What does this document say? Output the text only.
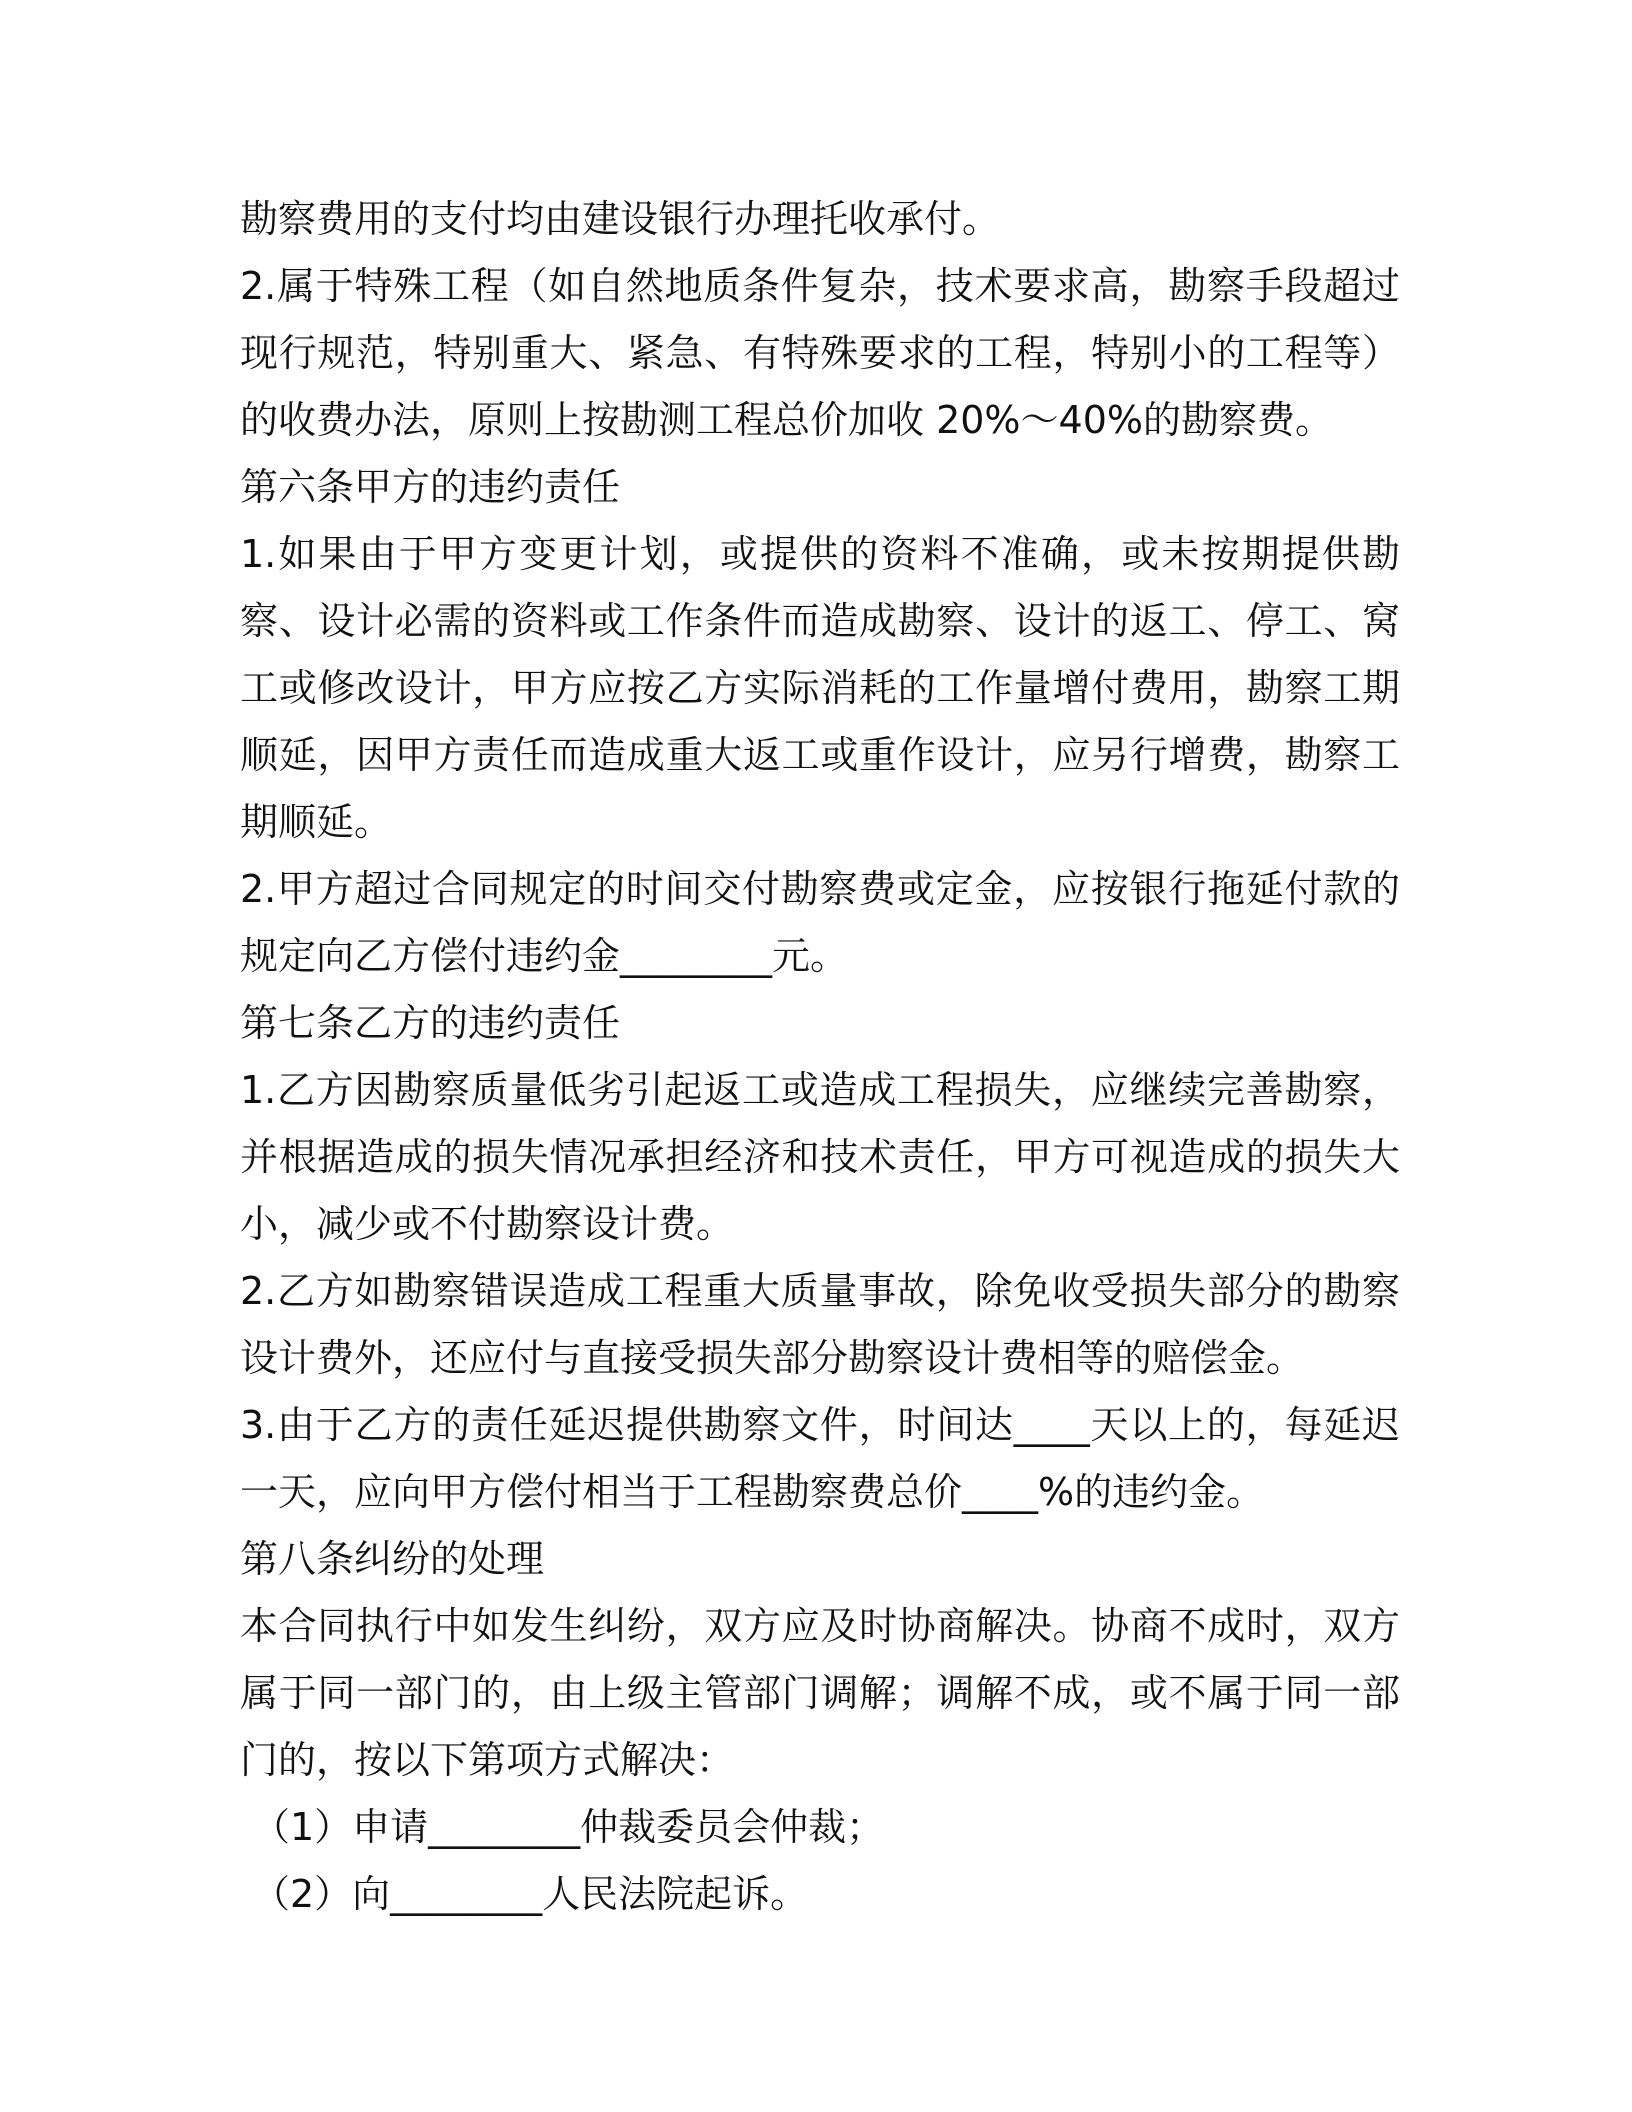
勘察费用的支付均由建设银行办理托收承付。

2.属于特殊工程（如自然地质条件复杂，技术要求高，勘察手段超过现行规范，特别重大、紧急、有特殊要求的工程，特别小的工程等）的收费办法，原则上按勘测工程总价加收 20%～40%的勘察费。

第六条甲方的违约责任

1.如果由于甲方变更计划，或提供的资料不准确，或未按期提供勘察、设计必需的资料或工作条件而造成勘察、设计的返工、停工、窝工或修改设计，甲方应按乙方实际消耗的工作量增付费用，勘察工期顺延，因甲方责任而造成重大返工或重作设计，应另行增费，勘察工期顺延。

2.甲方超过合同规定的时间交付勘察费或定金，应按银行拖延付款的规定向乙方偿付违约金________元。

第七条乙方的违约责任

1.乙方因勘察质量低劣引起返工或造成工程损失，应继续完善勘察，并根据造成的损失情况承担经济和技术责任，甲方可视造成的损失大小，减少或不付勘察设计费。

2.乙方如勘察错误造成工程重大质量事故，除免收受损失部分的勘察设计费外，还应付与直接受损失部分勘察设计费相等的赔偿金。

3.由于乙方的责任延迟提供勘察文件，时间达____天以上的，每延迟一天，应向甲方偿付相当于工程勘察费总价____%的违约金。

第八条纠纷的处理

本合同执行中如发生纠纷，双方应及时协商解决。协商不成时，双方属于同一部门的，由上级主管部门调解；调解不成，或不属于同一部门的，按以下第项方式解决：

（1）申请________仲裁委员会仲裁；

（2）向________人民法院起诉。
